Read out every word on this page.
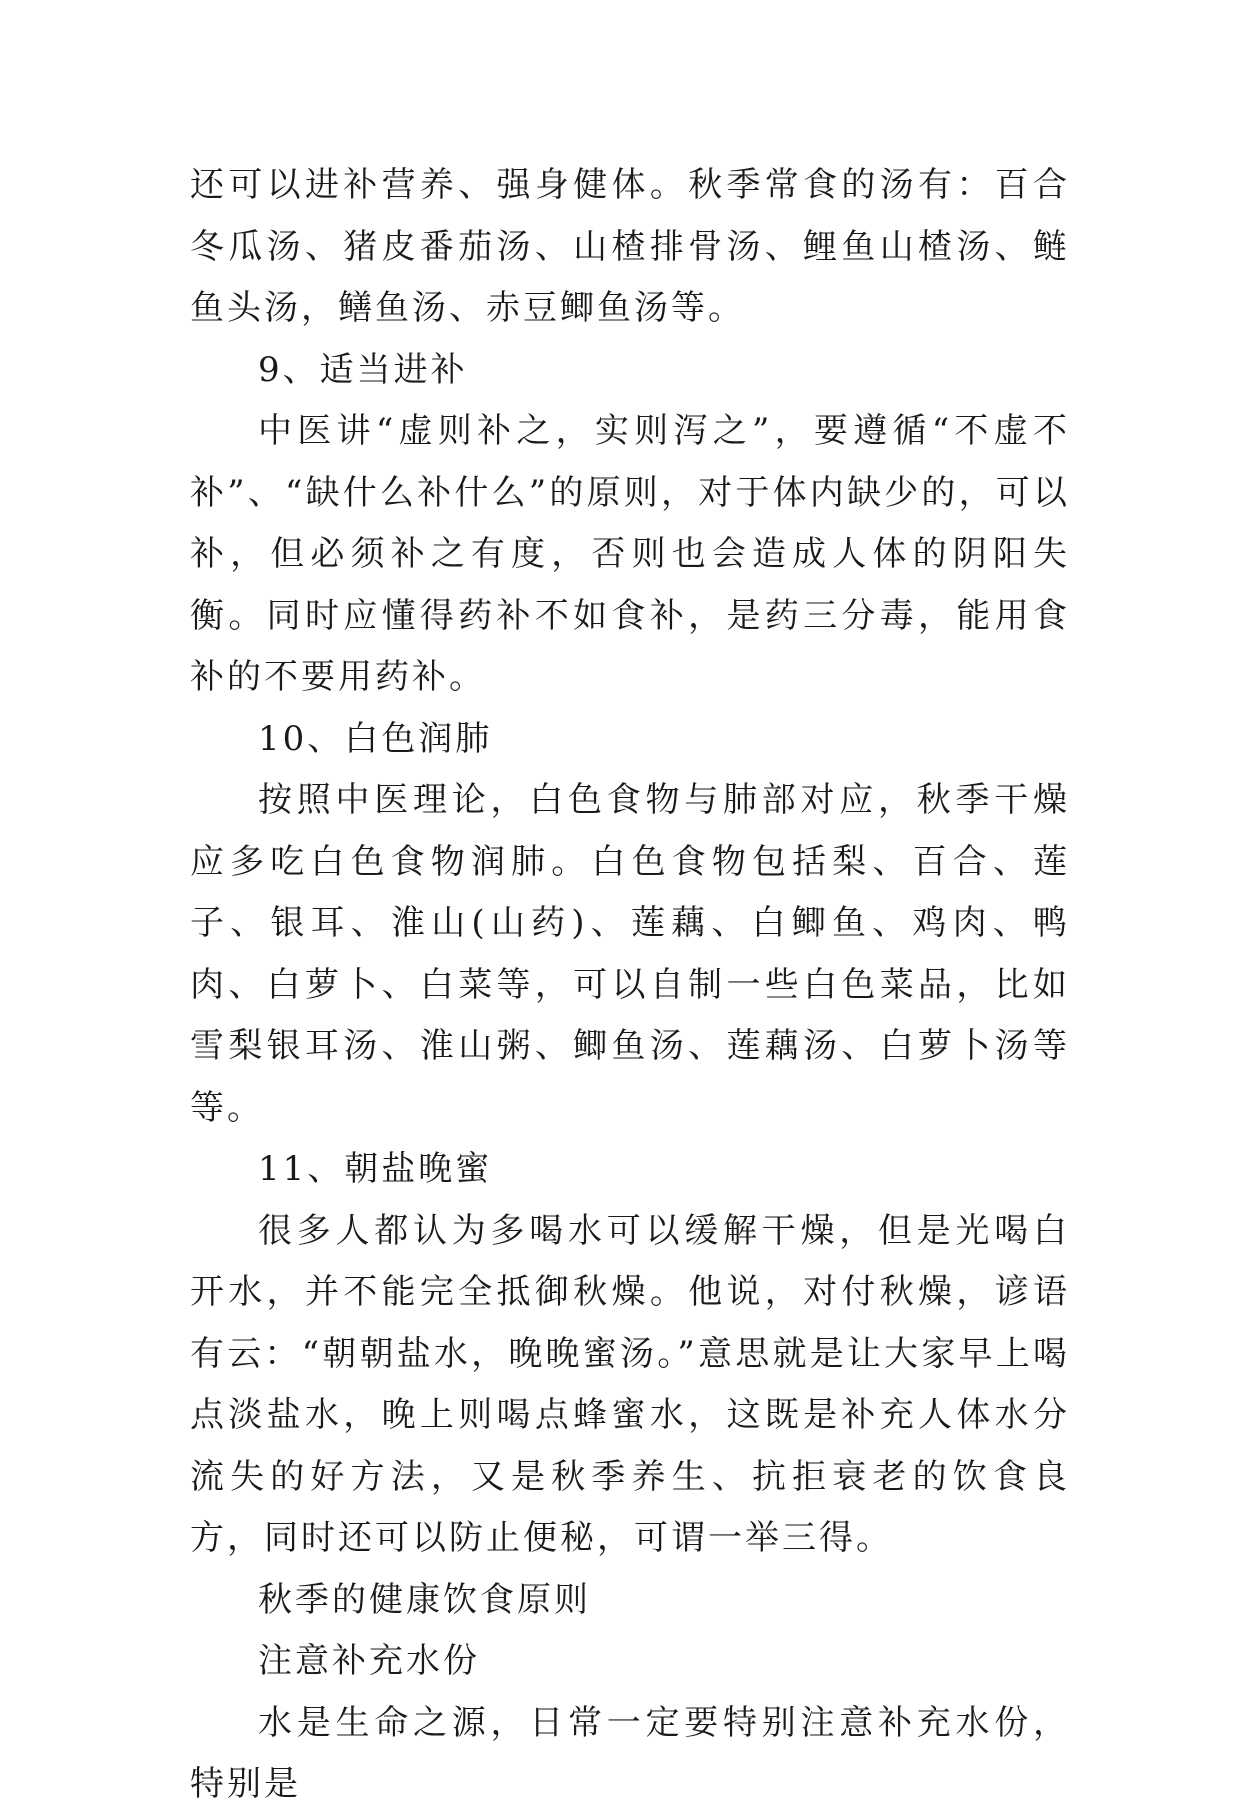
还可以进补营养、强身健体。秋季常食的汤有：百合冬瓜汤、猪皮番茄汤、山楂排骨汤、鲤鱼山楂汤、鲢鱼头汤，鳝鱼汤、赤豆鲫鱼汤等。

9、适当进补

中医讲“虚则补之，实则泻之”，要遵循“不虚不补”、“缺什么补什么”的原则，对于体内缺少的，可以补，但必须补之有度，否则也会造成人体的阴阳失衡。同时应懂得药补不如食补，是药三分毒，能用食补的不要用药补。

10、白色润肺

按照中医理论，白色食物与肺部对应，秋季干燥应多吃白色食物润肺。白色食物包括梨、百合、莲子、银耳、淮山(山药)、莲藕、白鲫鱼、鸡肉、鸭肉、白萝卜、白菜等，可以自制一些白色菜品，比如雪梨银耳汤、淮山粥、鲫鱼汤、莲藕汤、白萝卜汤等等。

11、朝盐晚蜜

很多人都认为多喝水可以缓解干燥，但是光喝白开水，并不能完全抵御秋燥。他说，对付秋燥，谚语有云：“朝朝盐水，晚晚蜜汤。”意思就是让大家早上喝点淡盐水，晚上则喝点蜂蜜水，这既是补充人体水分流失的好方法，又是秋季养生、抗拒衰老的饮食良方，同时还可以防止便秘，可谓一举三得。

秋季的健康饮食原则

注意补充水份

水是生命之源，日常一定要特别注意补充水份，特别是
